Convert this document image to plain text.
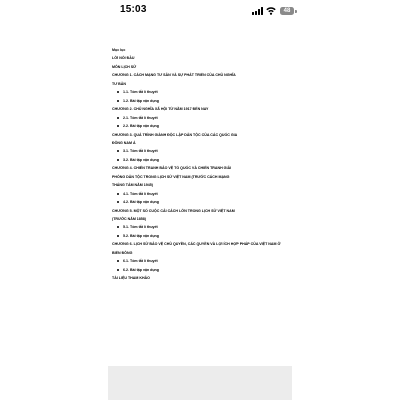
15:03	48
Mục lục
LỜI NÓI ĐẦU
MÔN LỊCH SỬ
CHƯƠNG 1. CÁCH MẠNG TƯ SẢN VÀ SỰ PHÁT TRIỂN CỦA CHỦ NGHĨA
TƯ BẢN
1.1. Tóm tắt lí thuyết
1.2. Bài tập vận dụng
CHƯƠNG 2. CHỦ NGHĨA XÃ HỘI TỪ NĂM 1917 ĐẾN NAY
2.1. Tóm tắt lí thuyết
2.2. Bài tập vận dụng
CHƯƠNG 3. QUÁ TRÌNH GIÀNH ĐỘC LẬP DÂN TỘC CỦA CÁC QUỐC GIA
ĐÔNG NAM Á
3.1. Tóm tắt lí thuyết
3.2. Bài tập vận dụng
CHƯƠNG 4. CHIẾN TRANH BẢO VỆ TỔ QUỐC VÀ CHIẾN TRANH GIẢI
PHÓNG DÂN TỘC TRONG LỊCH SỬ VIỆT NAM (TRƯỚC CÁCH MẠNG
THÁNG TÁM NĂM 1945)
4.1. Tóm tắt lí thuyết
4.2. Bài tập vận dụng
CHƯƠNG 5. MỘT SỐ CUỘC CẢI CÁCH LỚN TRONG LỊCH SỬ VIỆT NAM
(TRƯỚC NĂM 1858)
5.1. Tóm tắt lí thuyết
5.2. Bài tập vận dụng
CHƯƠNG 6. LỊCH SỬ BẢO VỆ CHỦ QUYỀN, CÁC QUYỀN VÀ LỢI ÍCH HỢP PHÁP CỦA VIỆT NAM Ở
BIỂN ĐÔNG
6.1. Tóm tắt lí thuyết
6.2. Bài tập vận dụng
TÀI LIỆU THAM KHẢO
